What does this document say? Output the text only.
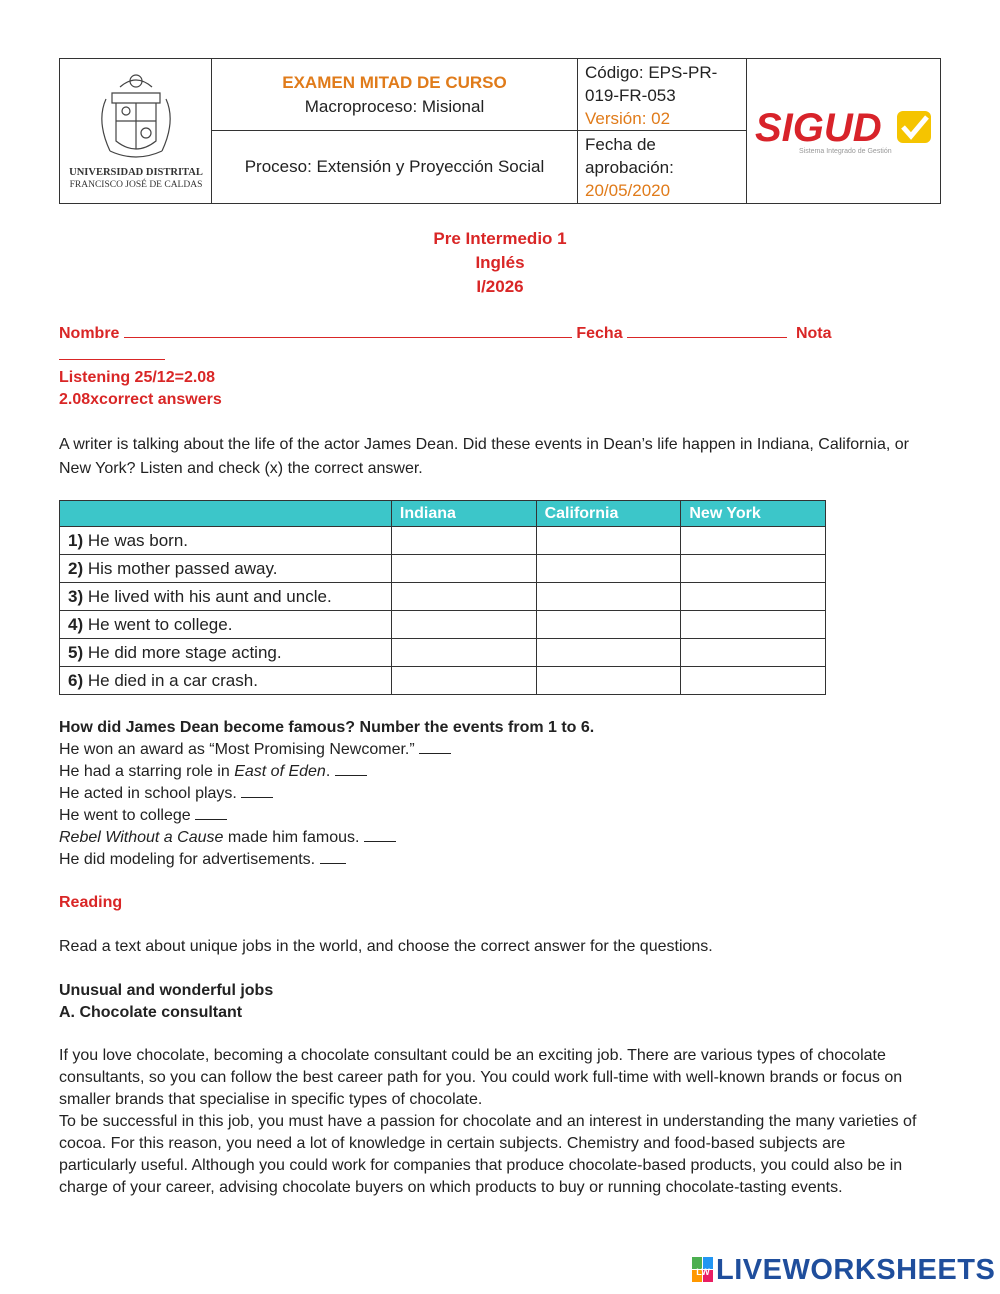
UNIVERSIDAD DISTRITAL
FRANCISCO JOSÉ DE CALDAS
EXAMEN MITAD DE CURSO
Macroproceso: Misional
Proceso: Extensión y Proyección Social
Código: EPS-PR-
019-FR-053
Versión: 02
Fecha de
aprobación:
20/05/2020
SIGUD
Sistema Integrado de Gestión
Pre Intermedio 1
Inglés
I/2026
Nombre	Fecha	Nota
Listening 25/12=2.08
2.08xcorrect answers
A writer is talking about the life of the actor James Dean. Did these events in Dean’s life happen in Indiana, California, or New York? Listen and check (x) the correct answer.
	Indiana	California	New York
1) He was born.			
2) His mother passed away.			
3) He lived with his aunt and uncle.			
4) He went to college.			
5) He did more stage acting.			
6) He died in a car crash.			
How did James Dean become famous? Number the events from 1 to 6.
He won an award as “Most Promising Newcomer.”
He had a starring role in East of Eden.
He acted in school plays.
He went to college
Rebel Without a Cause made him famous.
He did modeling for advertisements.
Reading
Read a text about unique jobs in the world, and choose the correct answer for the questions.
Unusual and wonderful jobs
A. Chocolate consultant
If you love chocolate, becoming a chocolate consultant could be an exciting job. There are various types of chocolate
consultants, so you can follow the best career path for you. You could work full-time with well-known brands or focus on
smaller brands that specialise in specific types of chocolate.
To be successful in this job, you must have a passion for chocolate and an interest in understanding the many varieties of
cocoa. For this reason, you need a lot of knowledge in certain subjects. Chemistry and food-based subjects are
particularly useful. Although you could work for companies that produce chocolate-based products, you could also be in
charge of your career, advising chocolate buyers on which products to buy or running chocolate-tasting events.
LW LIVEWORKSHEETS
